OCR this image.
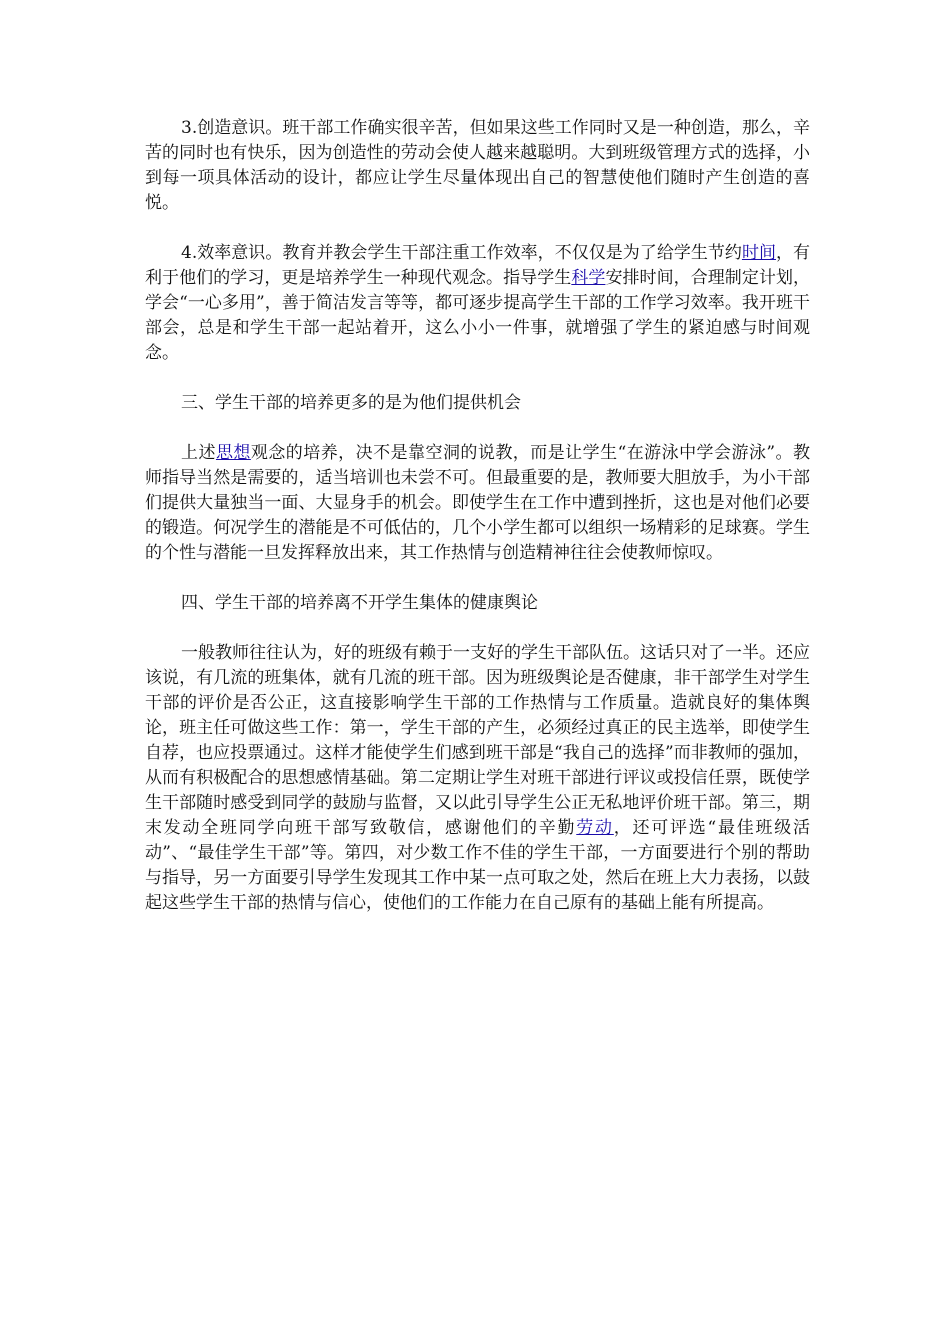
3.创造意识。班干部工作确实很辛苦，但如果这些工作同时又是一种创造，那么，辛苦的同时也有快乐，因为创造性的劳动会使人越来越聪明。大到班级管理方式的选择，小到每一项具体活动的设计，都应让学生尽量体现出自己的智慧使他们随时产生创造的喜悦。

4.效率意识。教育并教会学生干部注重工作效率，不仅仅是为了给学生节约时间，有利于他们的学习，更是培养学生一种现代观念。指导学生科学安排时间，合理制定计划，学会“一心多用”，善于简洁发言等等，都可逐步提高学生干部的工作学习效率。我开班干部会，总是和学生干部一起站着开，这么小小一件事，就增强了学生的紧迫感与时间观念。

三、学生干部的培养更多的是为他们提供机会

上述思想观念的培养，决不是靠空洞的说教，而是让学生“在游泳中学会游泳”。教师指导当然是需要的，适当培训也未尝不可。但最重要的是，教师要大胆放手，为小干部们提供大量独当一面、大显身手的机会。即使学生在工作中遭到挫折，这也是对他们必要的锻造。何况学生的潜能是不可低估的，几个小学生都可以组织一场精彩的足球赛。学生的个性与潜能一旦发挥释放出来，其工作热情与创造精神往往会使教师惊叹。

四、学生干部的培养离不开学生集体的健康舆论

一般教师往往认为，好的班级有赖于一支好的学生干部队伍。这话只对了一半。还应该说，有几流的班集体，就有几流的班干部。因为班级舆论是否健康，非干部学生对学生干部的评价是否公正，这直接影响学生干部的工作热情与工作质量。造就良好的集体舆论，班主任可做这些工作：第一，学生干部的产生，必须经过真正的民主选举，即使学生自荐，也应投票通过。这样才能使学生们感到班干部是“我自己的选择”而非教师的强加，从而有积极配合的思想感情基础。第二定期让学生对班干部进行评议或投信任票，既使学生干部随时感受到同学的鼓励与监督，又以此引导学生公正无私地评价班干部。第三，期末发动全班同学向班干部写致敬信，感谢他们的辛勤劳动，还可评选“最佳班级活动”、“最佳学生干部”等。第四，对少数工作不佳的学生干部，一方面要进行个别的帮助与指导，另一方面要引导学生发现其工作中某一点可取之处，然后在班上大力表扬，以鼓起这些学生干部的热情与信心，使他们的工作能力在自己原有的基础上能有所提高。
